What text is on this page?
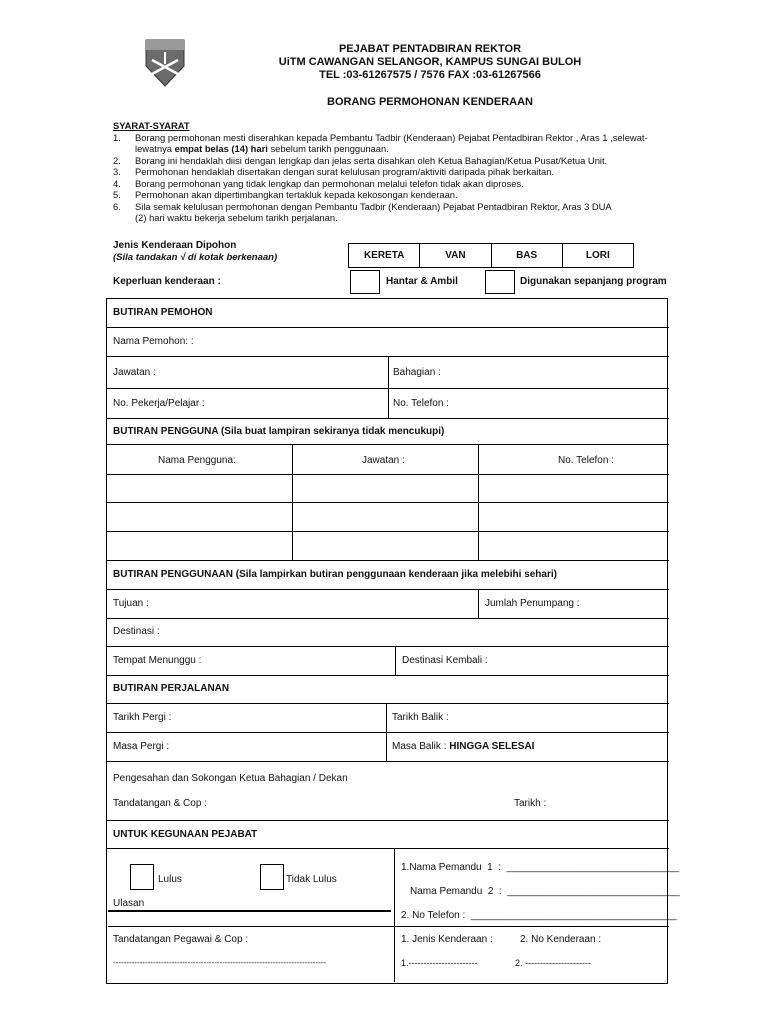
PEJABAT PENTADBIRAN REKTOR
UiTM CAWANGAN SELANGOR, KAMPUS SUNGAI BULOH
TEL :03-61267575 / 7576 FAX :03-61267566
BORANG PERMOHONAN KENDERAAN
SYARAT-SYARAT
1. Borang permohonan mesti diserahkan kepada Pembantu Tadbir (Kenderaan) Pejabat Pentadbiran Rektor , Aras 1 ,selewat-lewatnya empat belas (14) hari sebelum tarikh penggunaan.
2. Borang ini hendaklah diisi dengan lengkap dan jelas serta disahkan oleh Ketua Bahagian/Ketua Pusat/Ketua Unit.
3. Permohonan hendaklah disertakan dengan surat kelulusan program/aktiviti daripada pihak berkaitan.
4. Borang permohonan yang tidak lengkap dan permohonan melalui telefon tidak akan diproses.
5. Permohonan akan dipertimbangkan tertakluk kepada kekosongan kenderaan.
6. Sila semak kelulusan permohonan dengan Pembantu Tadbir (Kenderaan) Pejabat Pentadbiran Rektor, Aras 3 DUA (2) hari waktu bekerja sebelum tarikh perjalanan.
Jenis Kenderaan Dipohon
(Sila tandakan √ di kotak berkenaan)	KERETA	VAN	BAS	LORI
Keperluan kenderaan :	Hantar & Ambil	Digunakan sepanjang program
BUTIRAN PEMOHON
Nama Pemohon: :
Jawatan :	Bahagian :
No. Pekerja/Pelajar :	No. Telefon :
BUTIRAN PENGGUNA (Sila buat lampiran sekiranya tidak mencukupi)
Nama Pengguna:	Jawatan :	No. Telefon :
BUTIRAN PENGGUNAAN (Sila lampirkan butiran penggunaan kenderaan jika melebihi sehari)
Tujuan :	Jumlah Penumpang :
Destinasi :
Tempat Menunggu :	Destinasi Kembali :
BUTIRAN PERJALANAN
Tarikh Pergi :	Tarikh Balik :
Masa Pergi :	Masa Balik : HINGGA SELESAI
Pengesahan dan Sokongan Ketua Bahagian / Dekan
Tandatangan & Cop :	Tarikh :
UNTUK KEGUNAAN PEJABAT
Lulus	Tidak Lulus
Ulasan
1.Nama Pemandu  1  :  _______________________________
Nama Pemandu  2  :  _______________________________
2. No Telefon :  _____________________________________
Tandatangan Pegawai & Cop :	1. Jenis Kenderaan :	2. No Kenderaan :
--------------------------------------------------------------------------------	1.-----------------------	2. ----------------------
